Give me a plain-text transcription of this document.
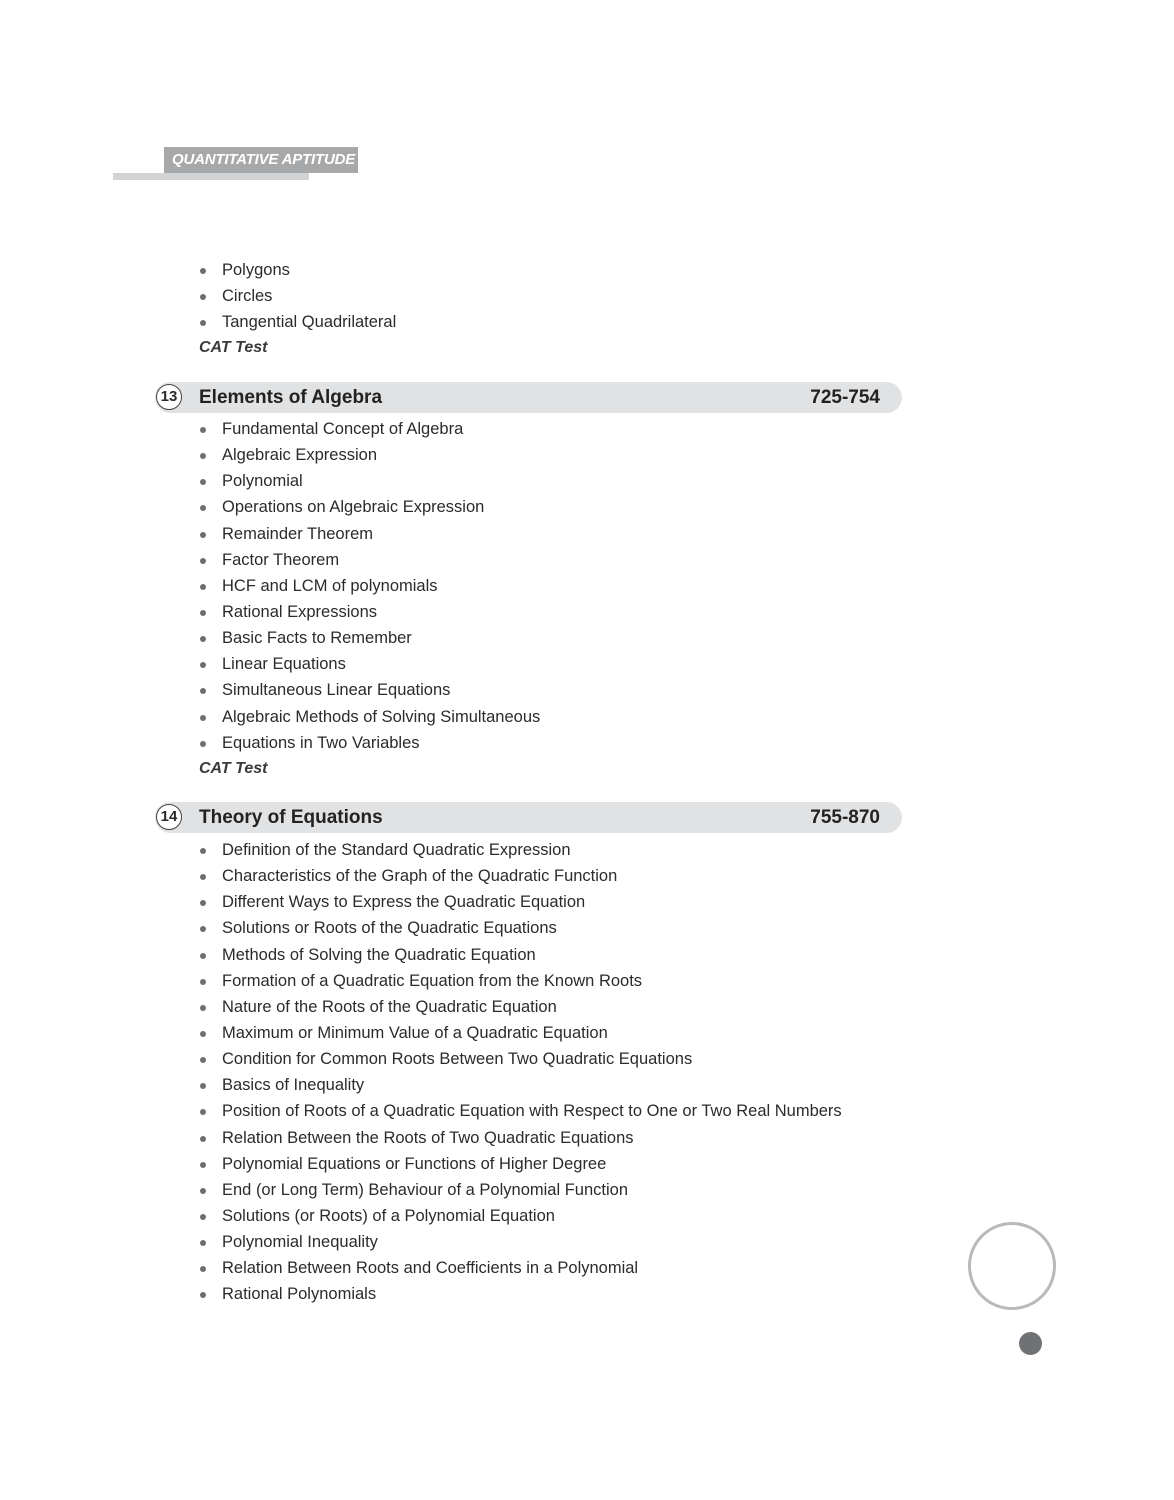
QUANTITATIVE APTITUDE
Polygons
Circles
Tangential Quadrilateral
CAT Test
13 Elements of Algebra	725-754
Fundamental Concept of Algebra
Algebraic Expression
Polynomial
Operations on Algebraic Expression
Remainder Theorem
Factor Theorem
HCF and LCM of polynomials
Rational Expressions
Basic Facts to Remember
Linear Equations
Simultaneous Linear Equations
Algebraic Methods of Solving Simultaneous
Equations in Two Variables
CAT Test
14 Theory of Equations	755-870
Definition of the Standard Quadratic Expression
Characteristics of the Graph of the Quadratic Function
Different Ways to Express the Quadratic Equation
Solutions or Roots of the Quadratic Equations
Methods of Solving the Quadratic Equation
Formation of a Quadratic Equation from the Known Roots
Nature of the Roots of the Quadratic Equation
Maximum or Minimum Value of a Quadratic Equation
Condition for Common Roots Between Two Quadratic Equations
Basics of Inequality
Position of Roots of a Quadratic Equation with Respect to One or Two Real Numbers
Relation Between the Roots of Two Quadratic Equations
Polynomial Equations or Functions of Higher Degree
End (or Long Term) Behaviour of a Polynomial Function
Solutions (or Roots) of a Polynomial Equation
Polynomial Inequality
Relation Between Roots and Coefficients in a Polynomial
Rational Polynomials
